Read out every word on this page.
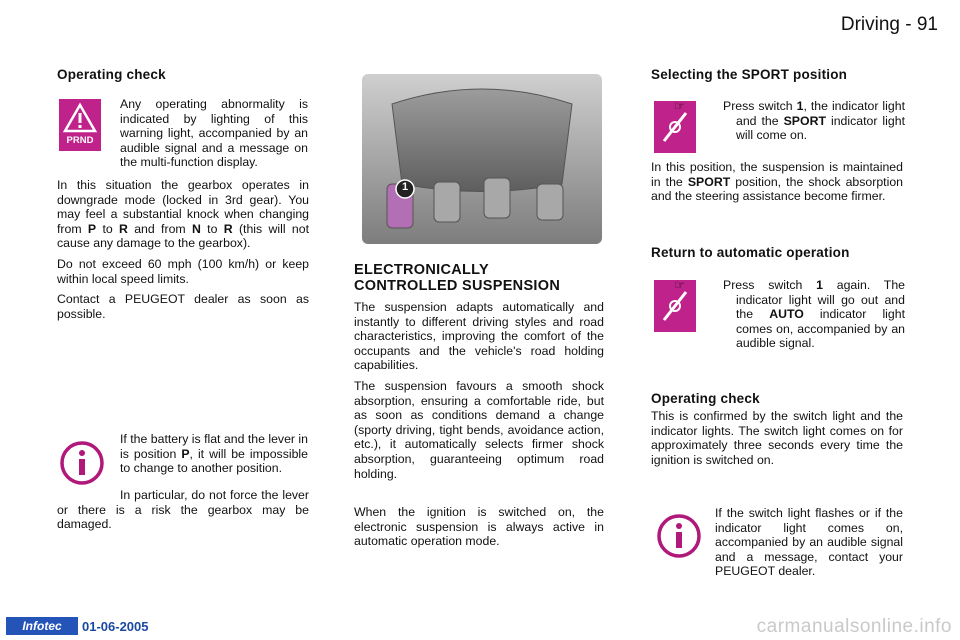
Driving - 91
Operating check
PRND

Any operating abnormality is indicated by lighting of this warning light, accompanied by an audible signal and a message on the multi-function display.

In this situation the gearbox operates in downgrade mode (locked in 3rd gear). You may feel a substantial knock when changing from P to R and from N to R (this will not cause any damage to the gearbox).

Do not exceed 60 mph (100 km/h) or keep within local speed limits.

Contact a PEUGEOT dealer as soon as possible.

If the battery is flat and the lever in is position P, it will be impossible to change to another position.

In particular, do not force the lever or there is a risk the gearbox may be damaged.

1
ELECTRONICALLY
CONTROLLED SUSPENSION

The suspension adapts automatically and instantly to different driving styles and road characteristics, improving the comfort of the occupants and the vehicle's road holding capabilities.

The suspension favours a smooth shock absorption, ensuring a comfortable ride, but as soon as conditions demand a change (sporty driving, tight bends, avoidance action, etc.), it automatically selects firmer shock absorption, guaranteeing optimum road holding.

When the ignition is switched on, the electronic suspension is always active in automatic operation mode.

Selecting the SPORT position

☞	Press switch 1, the indicator light and the SPORT indicator light will come on.

In this position, the suspension is maintained in the SPORT position, the shock absorption and the steering assistance become firmer.

Return to automatic operation

☞	Press switch 1 again. The indicator light will go out and the AUTO indicator light comes on, accompanied by an audible signal.

Operating check

This is confirmed by the switch light and the indicator lights. The switch light comes on for approximately three seconds every time the ignition is switched on.

If the switch light flashes or if the indicator light comes on, accompanied by an audible signal and a message, contact your PEUGEOT dealer.

Infotec	01-06-2005	carmanualsonline.info
